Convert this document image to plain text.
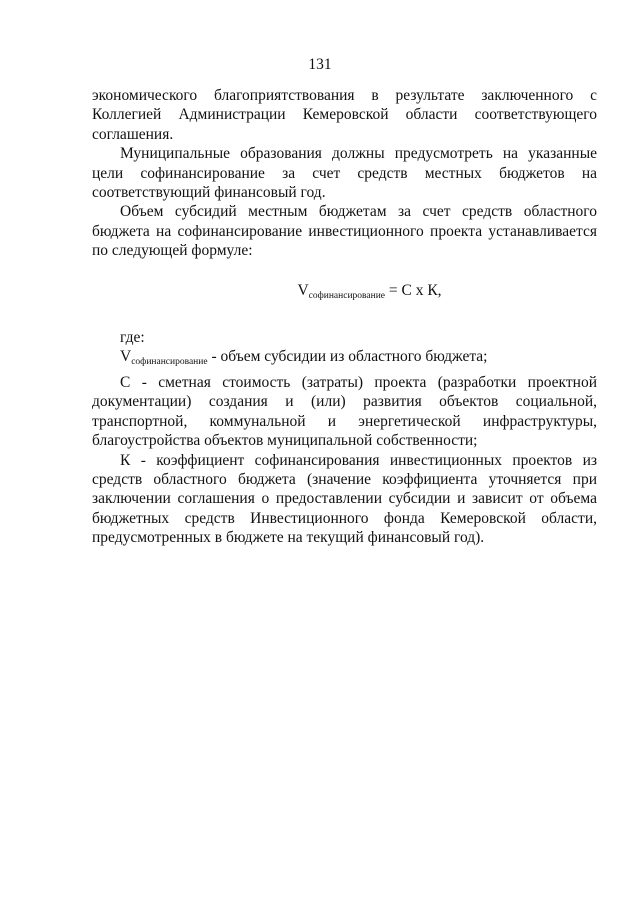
131

экономического благоприятствования в результате заключенного с Коллегией Администрации Кемеровской области соответствующего соглашения.

Муниципальные образования должны предусмотреть на указанные цели софинансирование за счет средств местных бюджетов на соответствующий финансовый год.

Объем субсидий местным бюджетам за счет средств областного бюджета на софинансирование инвестиционного проекта устанавливается по следующей формуле:

$V_{софинансирование} = С$ х К,

где:

$V_{софинансирование}$ - объем субсидии из областного бюджета;

С - сметная стоимость (затраты) проекта (разработки проектной документации) создания и (или) развития объектов социальной, транспортной, коммунальной и энергетической инфраструктуры, благоустройства объектов муниципальной собственности;

К - коэффициент софинансирования инвестиционных проектов из средств областного бюджета (значение коэффициента уточняется при заключении соглашения о предоставлении субсидии и зависит от объема бюджетных средств Инвестиционного фонда Кемеровской области, предусмотренных в бюджете на текущий финансовый год).
